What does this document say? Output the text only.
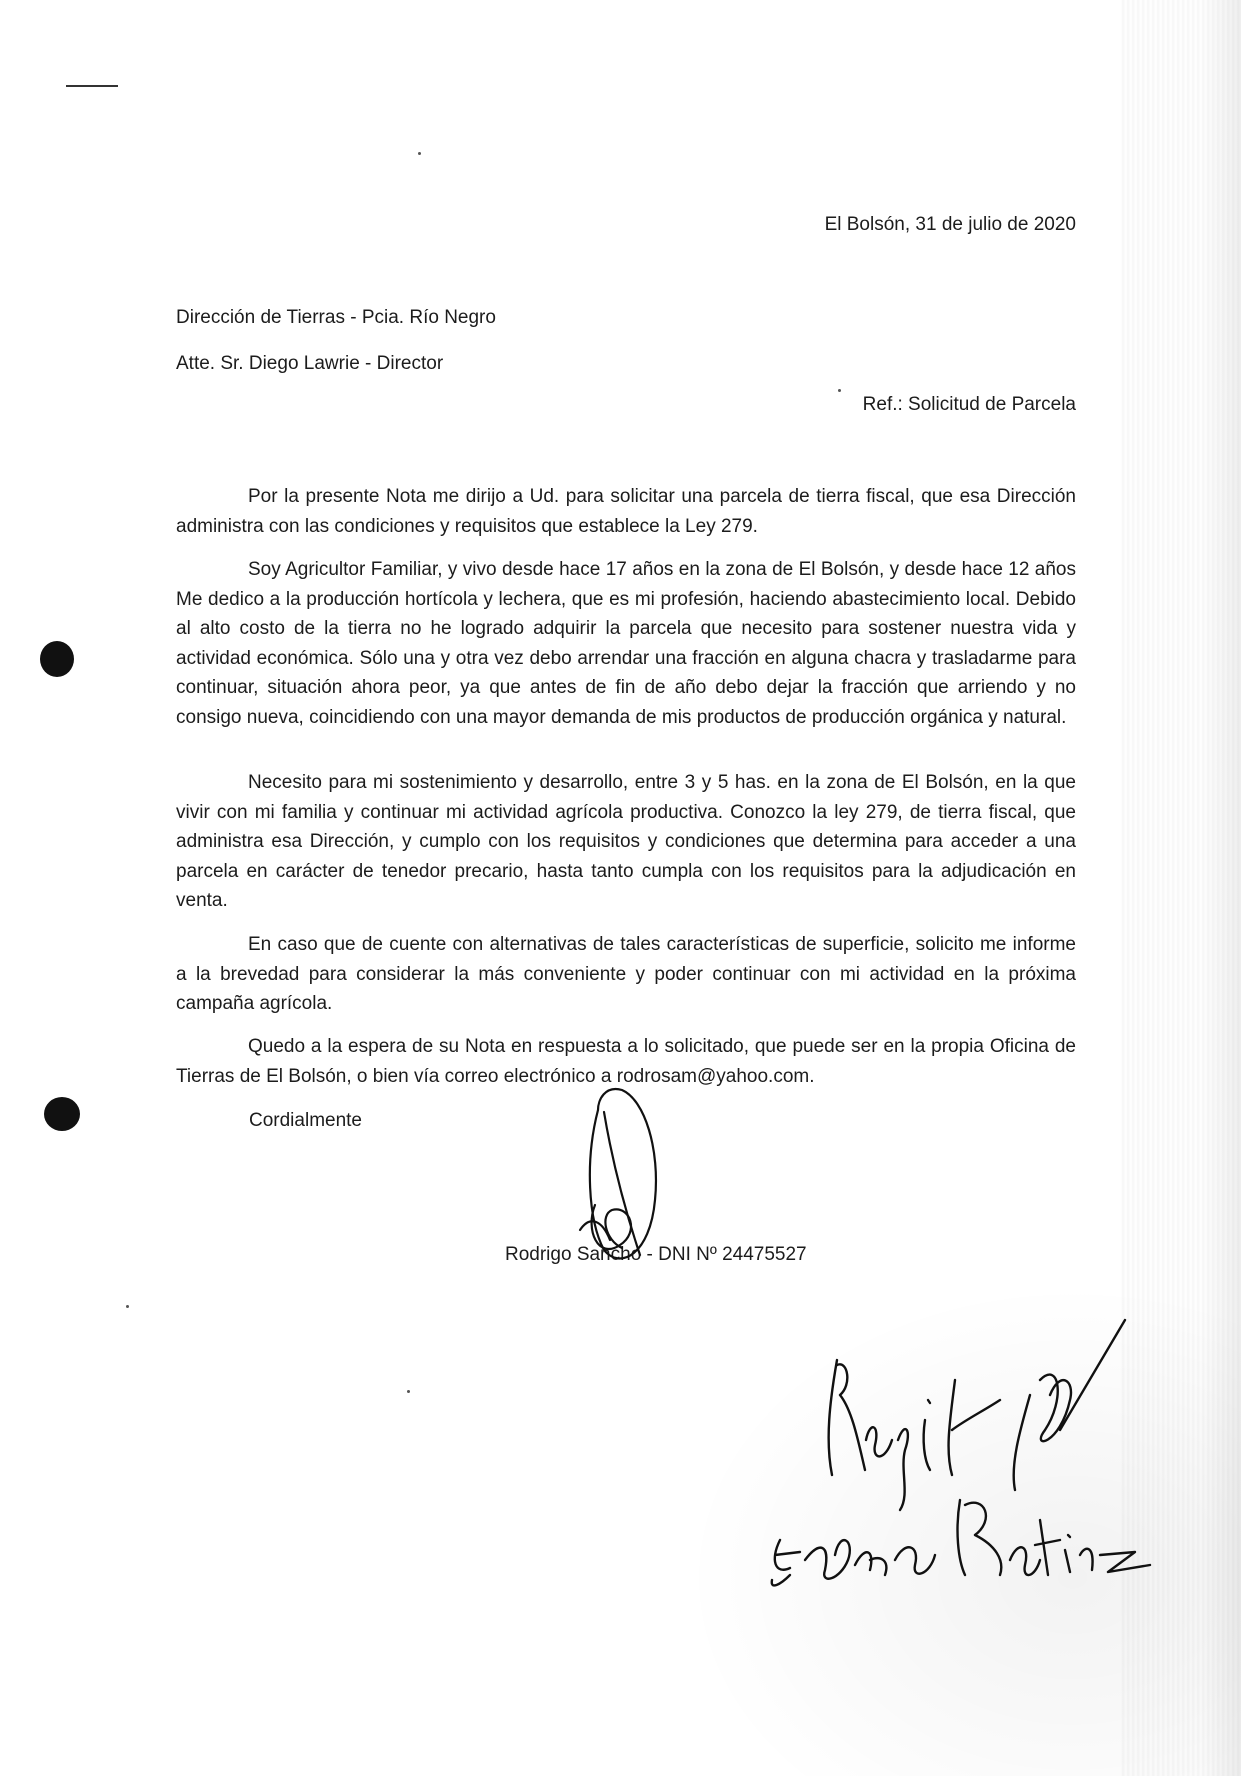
El Bolsón, 31 de julio de 2020
Dirección de Tierras - Pcia. Río Negro
Atte. Sr. Diego Lawrie - Director
Ref.: Solicitud de Parcela

Por la presente Nota me dirijo a Ud. para solicitar una parcela de tierra fiscal, que esa Dirección administra con las condiciones y requisitos que establece la Ley 279.

Soy Agricultor Familiar, y vivo desde hace 17 años en la zona de El Bolsón, y desde hace 12 años Me dedico a la producción hortícola y lechera, que es mi profesión, haciendo abastecimiento local. Debido al alto costo de la tierra no he logrado adquirir la parcela que necesito para sostener nuestra vida y actividad económica. Sólo una y otra vez debo arrendar una fracción en alguna chacra y trasladarme para continuar, situación ahora peor, ya que antes de fin de año debo dejar la fracción que arriendo y no consigo nueva, coincidiendo con una mayor demanda de mis productos de producción orgánica y natural.

Necesito para mi sostenimiento y desarrollo, entre 3 y 5 has. en la zona de El Bolsón, en la que vivir con mi familia y continuar mi actividad agrícola productiva. Conozco la ley 279, de tierra fiscal, que administra esa Dirección, y cumplo con los requisitos y condiciones que determina para acceder a una parcela en carácter de tenedor precario, hasta tanto cumpla con los requisitos para la adjudicación en venta.

En caso que de cuente con alternativas de tales características de superficie, solicito me informe a la brevedad para considerar la más conveniente y poder continuar con mi actividad en la próxima campaña agrícola.

Quedo a la espera de su Nota en respuesta a lo solicitado, que puede ser en la propia Oficina de Tierras de El Bolsón, o bien vía correo electrónico a rodrosam@yahoo.com.

Cordialmente
Rodrigo Sancho - DNI Nº 24475527
